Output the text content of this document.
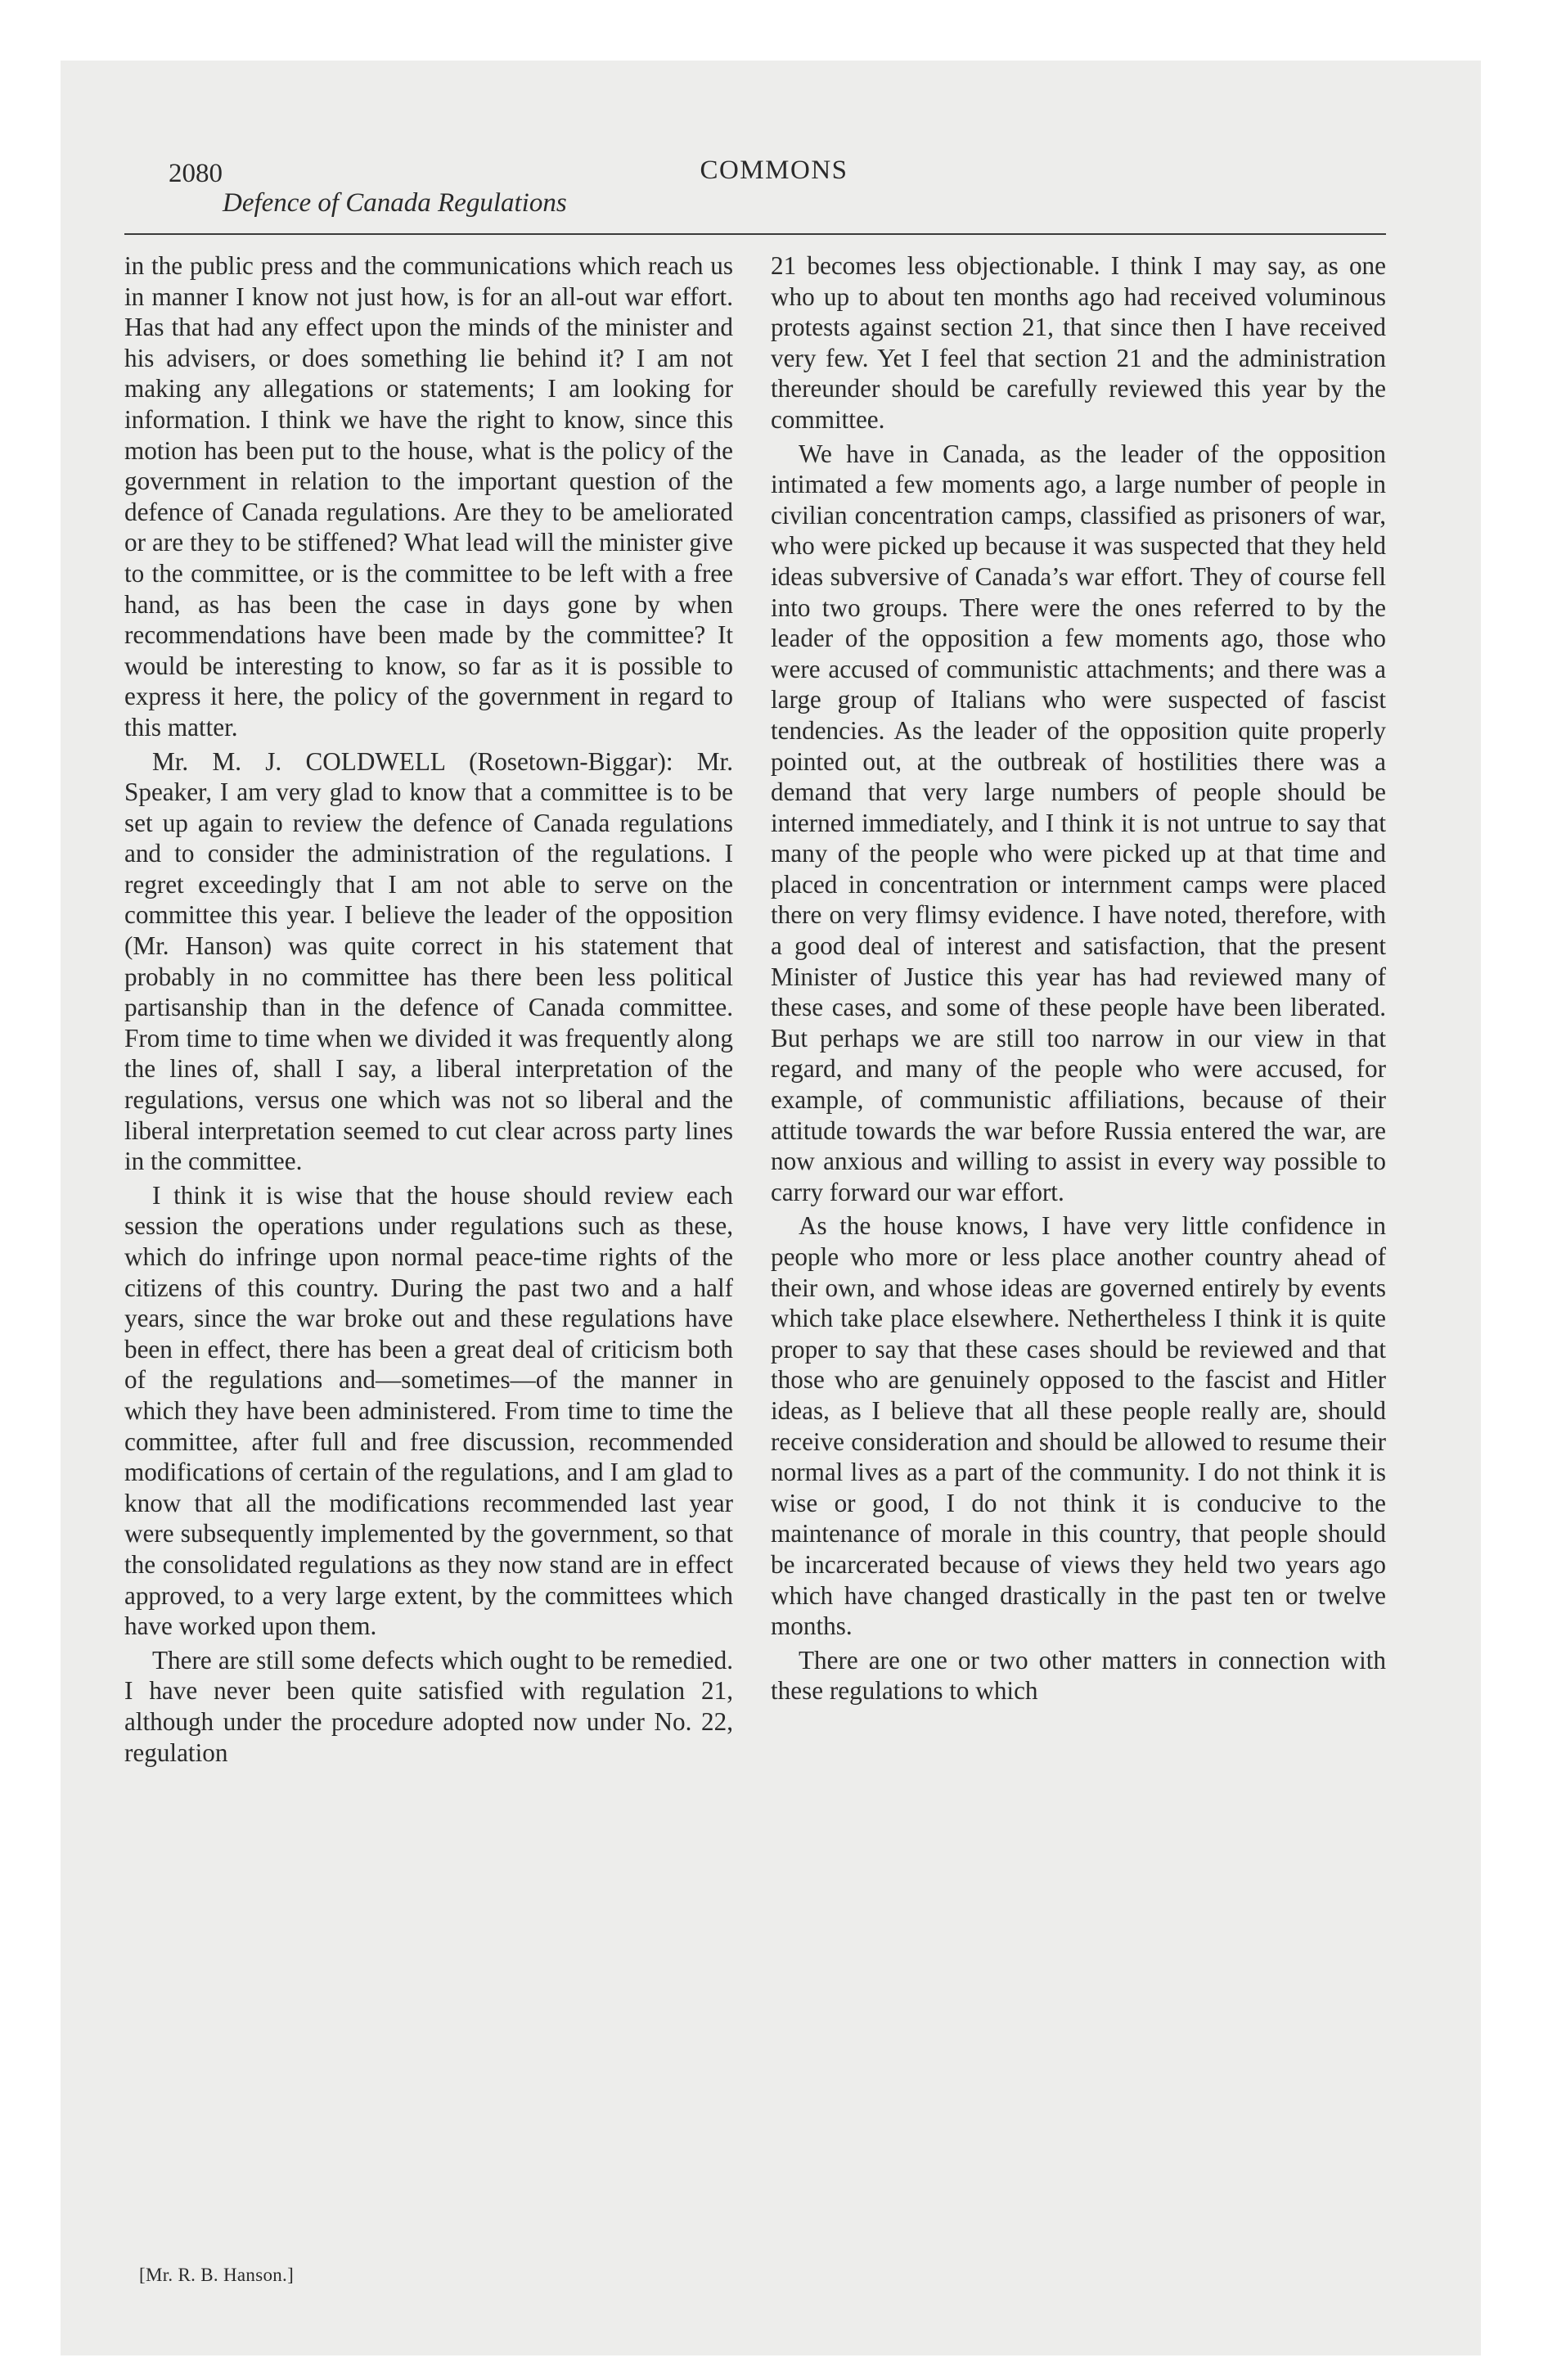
2080	COMMONS
Defence of Canada Regulations

in the public press and the communications which reach us in manner I know not just how, is for an all-out war effort. Has that had any effect upon the minds of the minister and his advisers, or does something lie behind it? I am not making any allegations or statements; I am looking for information. I think we have the right to know, since this motion has been put to the house, what is the policy of the government in relation to the important question of the defence of Canada regulations. Are they to be ameliorated or are they to be stiffened? What lead will the minister give to the committee, or is the committee to be left with a free hand, as has been the case in days gone by when recommendations have been made by the committee? It would be interesting to know, so far as it is possible to express it here, the policy of the government in regard to this matter.

Mr. M. J. COLDWELL (Rosetown-Biggar): Mr. Speaker, I am very glad to know that a committee is to be set up again to review the defence of Canada regulations and to consider the administration of the regulations. I regret exceedingly that I am not able to serve on the committee this year. I believe the leader of the opposition (Mr. Hanson) was quite correct in his statement that probably in no committee has there been less political partisanship than in the defence of Canada committee. From time to time when we divided it was frequently along the lines of, shall I say, a liberal interpretation of the regulations, versus one which was not so liberal and the liberal interpretation seemed to cut clear across party lines in the committee.

I think it is wise that the house should review each session the operations under regulations such as these, which do infringe upon normal peace-time rights of the citizens of this country. During the past two and a half years, since the war broke out and these regulations have been in effect, there has been a great deal of criticism both of the regulations and—sometimes—of the manner in which they have been administered. From time to time the committee, after full and free discussion, recommended modifications of certain of the regulations, and I am glad to know that all the modifications recommended last year were subsequently implemented by the government, so that the consolidated regulations as they now stand are in effect approved, to a very large extent, by the committees which have worked upon them.

There are still some defects which ought to be remedied. I have never been quite satisfied with regulation 21, although under the procedure adopted now under No. 22, regulation

21 becomes less objectionable. I think I may say, as one who up to about ten months ago had received voluminous protests against section 21, that since then I have received very few. Yet I feel that section 21 and the administration thereunder should be carefully reviewed this year by the committee.

We have in Canada, as the leader of the opposition intimated a few moments ago, a large number of people in civilian concentration camps, classified as prisoners of war, who were picked up because it was suspected that they held ideas subversive of Canada’s war effort. They of course fell into two groups. There were the ones referred to by the leader of the opposition a few moments ago, those who were accused of communistic attachments; and there was a large group of Italians who were suspected of fascist tendencies. As the leader of the opposition quite properly pointed out, at the outbreak of hostilities there was a demand that very large numbers of people should be interned immediately, and I think it is not untrue to say that many of the people who were picked up at that time and placed in concentration or internment camps were placed there on very flimsy evidence. I have noted, therefore, with a good deal of interest and satisfaction, that the present Minister of Justice this year has had reviewed many of these cases, and some of these people have been liberated. But perhaps we are still too narrow in our view in that regard, and many of the people who were accused, for example, of communistic affiliations, because of their attitude towards the war before Russia entered the war, are now anxious and willing to assist in every way possible to carry forward our war effort.

As the house knows, I have very little confidence in people who more or less place another country ahead of their own, and whose ideas are governed entirely by events which take place elsewhere. Nethertheless I think it is quite proper to say that these cases should be reviewed and that those who are genuinely opposed to the fascist and Hitler ideas, as I believe that all these people really are, should receive consideration and should be allowed to resume their normal lives as a part of the community. I do not think it is wise or good, I do not think it is conducive to the maintenance of morale in this country, that people should be incarcerated because of views they held two years ago which have changed drastically in the past ten or twelve months.

There are one or two other matters in connection with these regulations to which

[Mr. R. B. Hanson.]
